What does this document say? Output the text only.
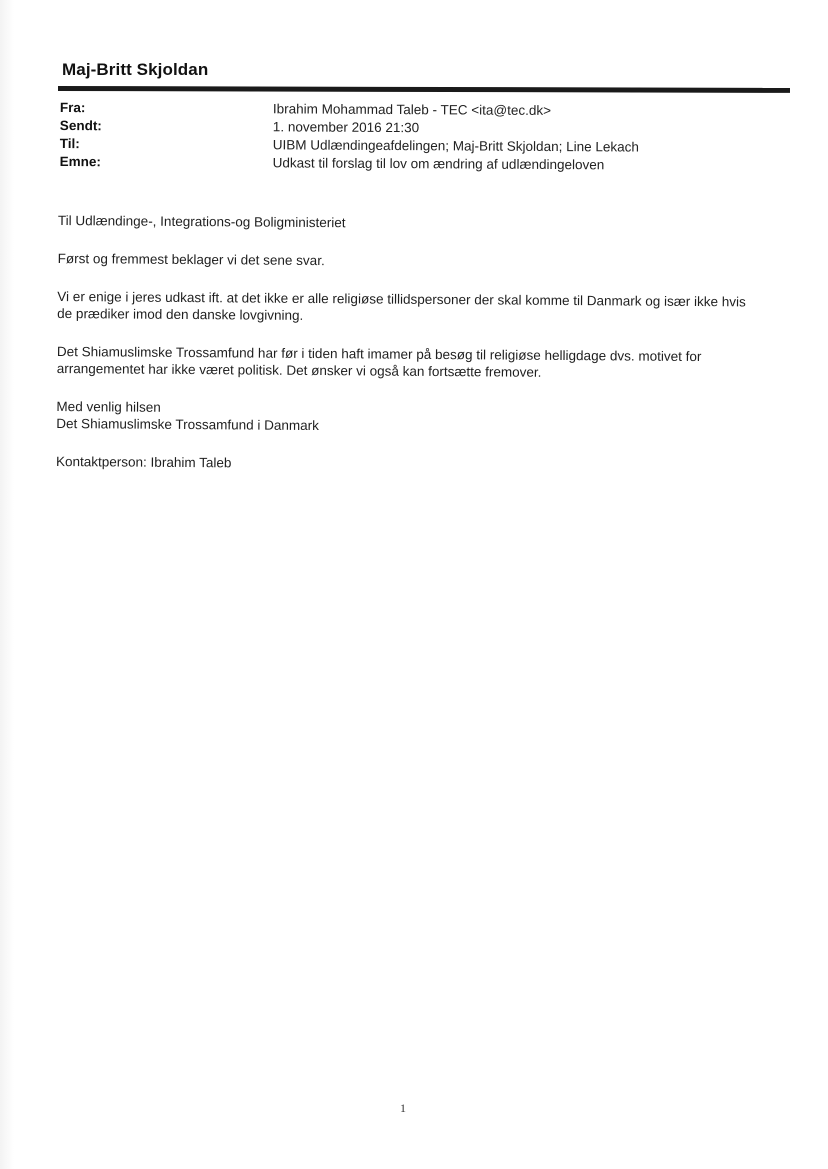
Maj-Britt Skjoldan
Fra:	Ibrahim Mohammad Taleb - TEC <ita@tec.dk>
Sendt:	1. november 2016 21:30
Til:	UIBM Udlændingeafdelingen; Maj-Britt Skjoldan; Line Lekach
Emne:	Udkast til forslag til lov om ændring af udlændingeloven

Til Udlændinge-, Integrations-og Boligministeriet

Først og fremmest beklager vi det sene svar.

Vi er enige i jeres udkast ift. at det ikke er alle religiøse tillidspersoner der skal komme til Danmark og især ikke hvis
de prædiker imod den danske lovgivning.

Det Shiamuslimske Trossamfund har før i tiden haft imamer på besøg til religiøse helligdage dvs. motivet for
arrangementet har ikke været politisk. Det ønsker vi også kan fortsætte fremover.

Med venlig hilsen
Det Shiamuslimske Trossamfund i Danmark

Kontaktperson: Ibrahim Taleb

1
